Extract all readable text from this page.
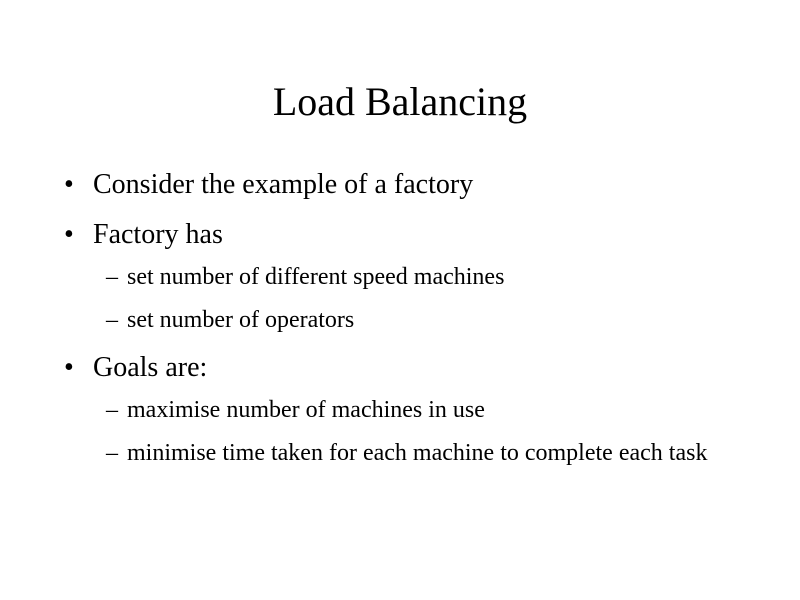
Load Balancing
• Consider the example of a factory
• Factory has
– set number of different speed machines
– set number of operators
• Goals are:
– maximise number of machines in use
– minimise time taken for each machine to complete each task
